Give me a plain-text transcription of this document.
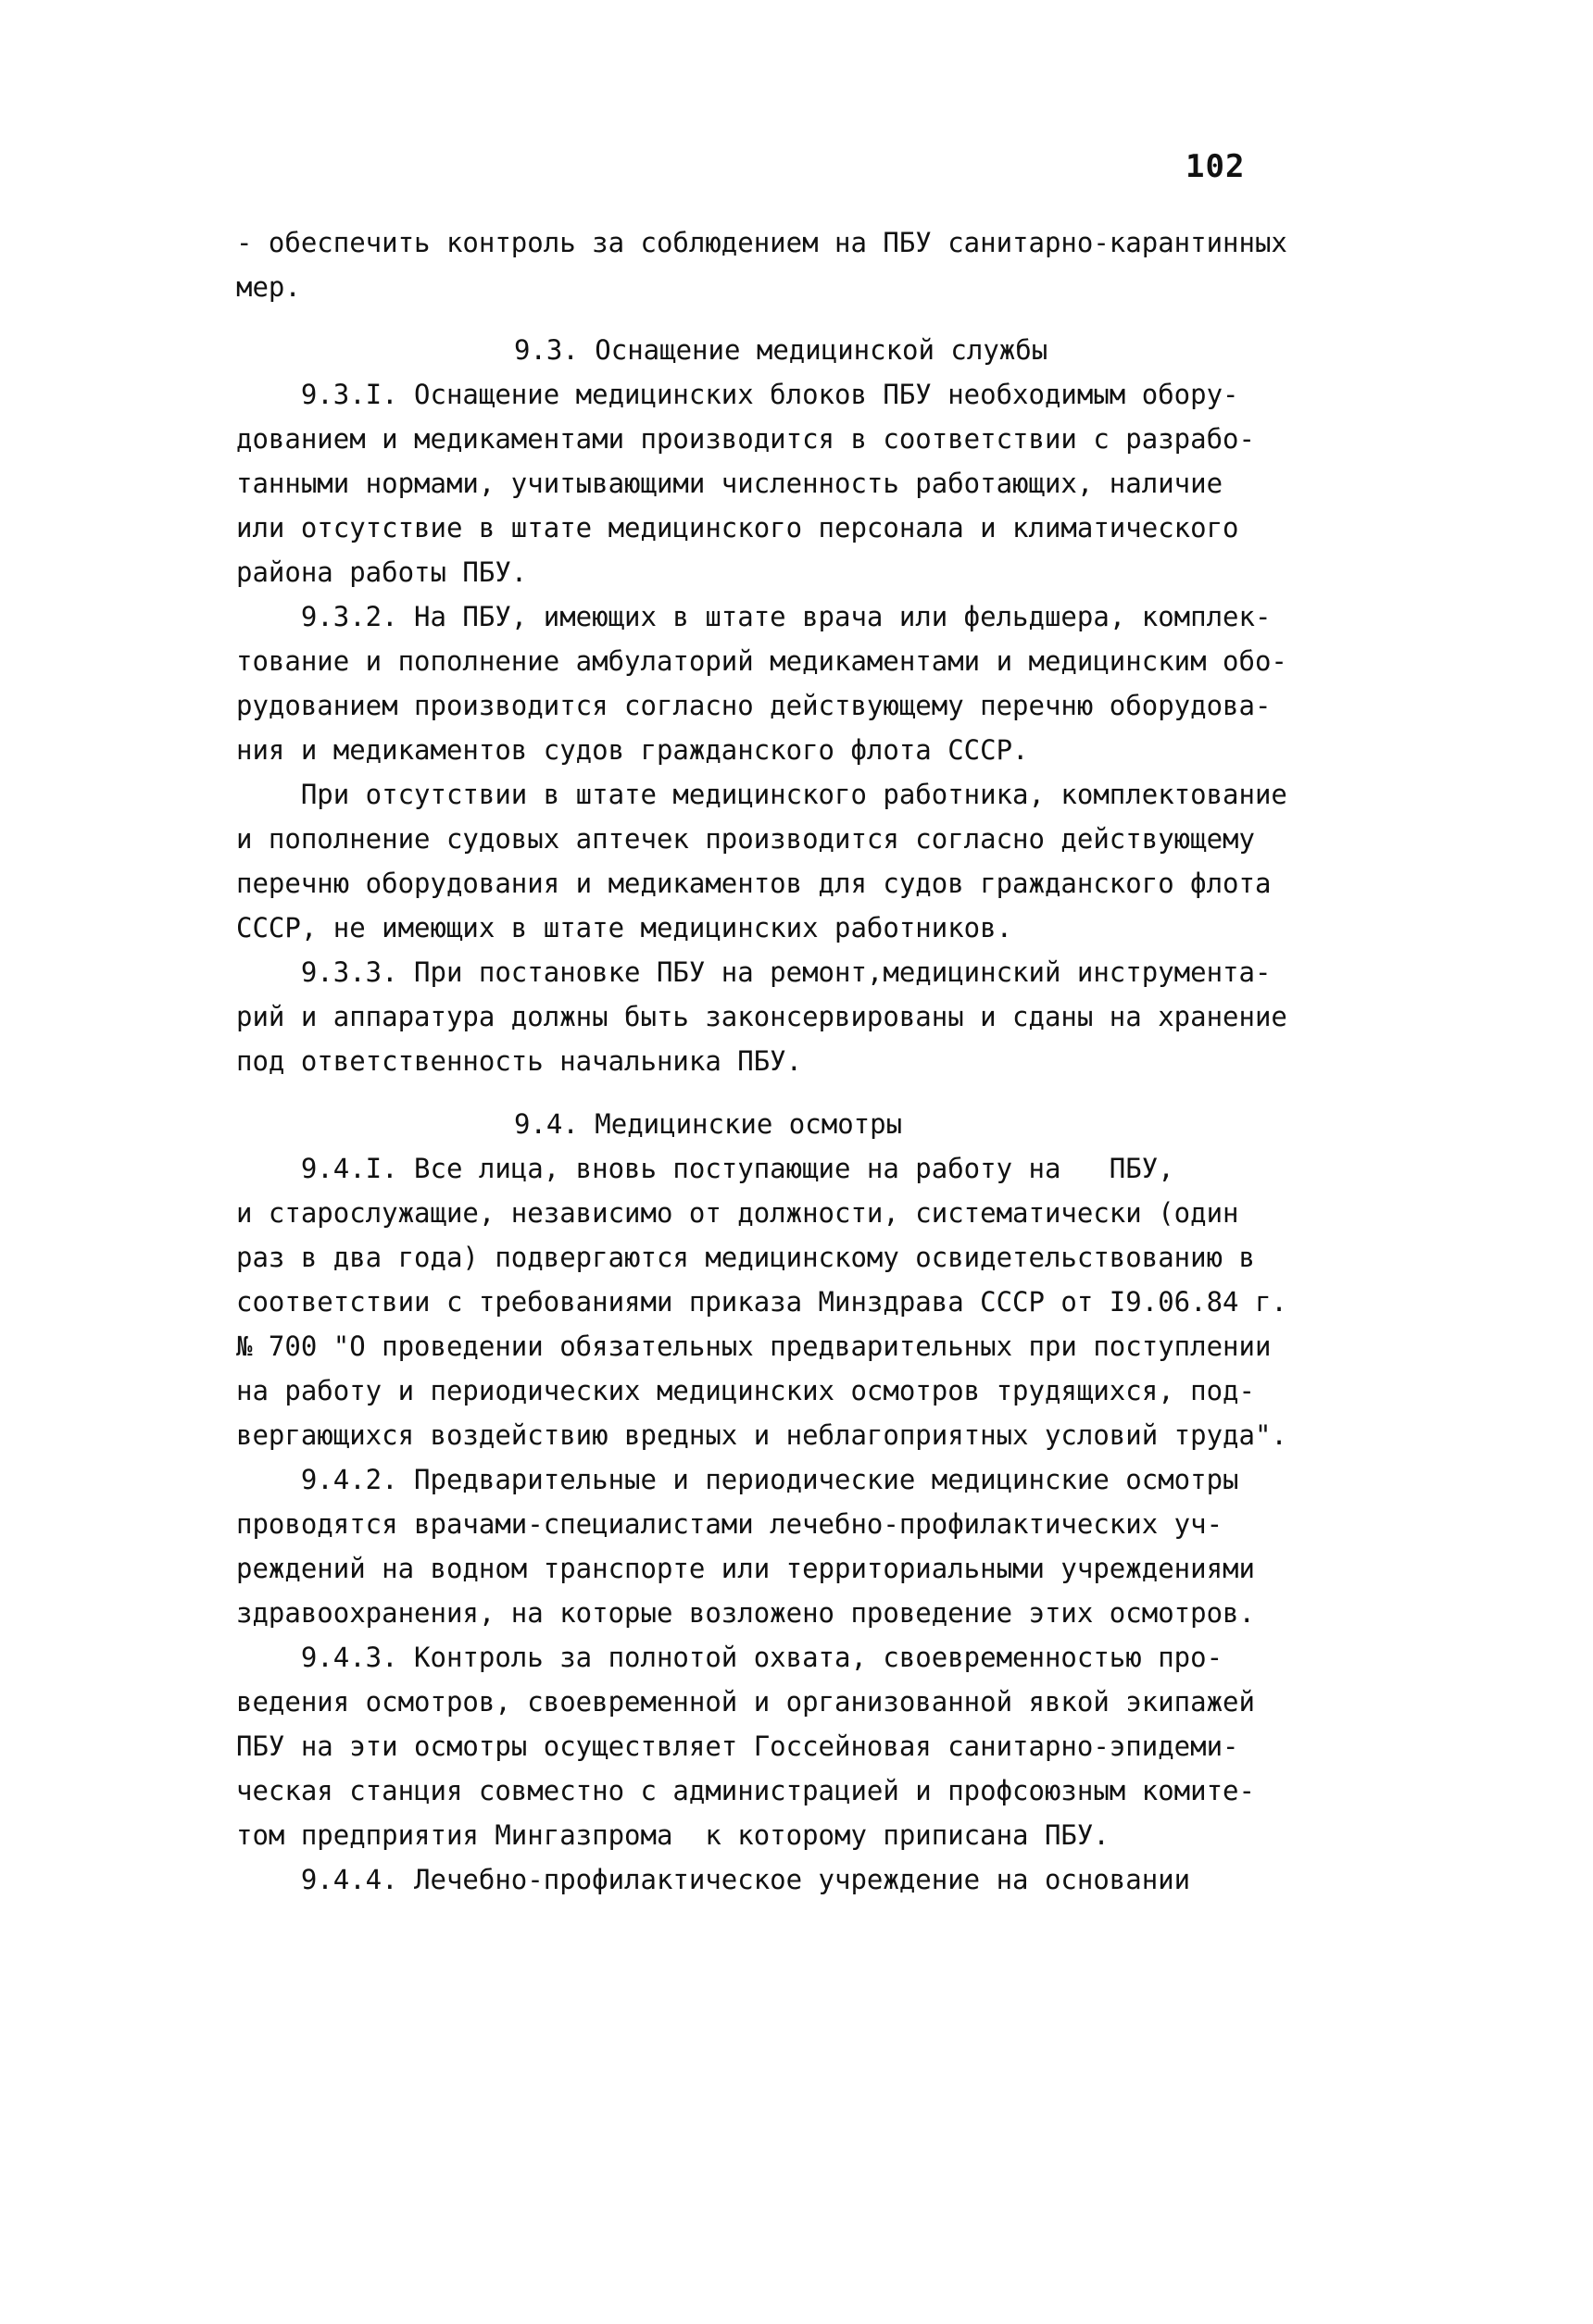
102
- обеспечить контроль за соблюдением на ПБУ санитарно-карантинных
мер.
9.3. Оснащение медицинской службы
9.3.I. Оснащение медицинских блоков ПБУ необходимым обору-
дованием и медикаментами производится в соответствии с разрабо-
танными нормами, учитывающими численность работающих, наличие
или отсутствие в штате медицинского персонала и климатического
района работы ПБУ.
9.3.2. На ПБУ, имеющих в штате врача или фельдшера, комплек-
тование и пополнение амбулаторий медикаментами и медицинским обо-
рудованием производится согласно действующему перечню оборудова-
ния и медикаментов судов гражданского флота СССР.
При отсутствии в штате медицинского работника, комплектование
и пополнение судовых аптечек производится согласно действующему
перечню оборудования и медикаментов для судов гражданского флота
СССР, не имеющих в штате медицинских работников.
9.3.3. При постановке ПБУ на ремонт,медицинский инструмента-
рий и аппаратура должны быть законсервированы и сданы на хранение
под ответственность начальника ПБУ.
9.4. Медицинские осмотры
9.4.I. Все лица, вновь поступающие на работу на   ПБУ,
и старослужащие, независимо от должности, систематически (один
раз в два года) подвергаются медицинскому освидетельствованию в
соответствии с требованиями приказа Минздрава СССР от I9.06.84 г.
№ 700 "О проведении обязательных предварительных при поступлении
на работу и периодических медицинских осмотров трудящихся, под-
вергающихся воздействию вредных и неблагоприятных условий труда".
9.4.2. Предварительные и периодические медицинские осмотры
проводятся врачами-специалистами лечебно-профилактических уч-
реждений на водном транспорте или территориальными учреждениями
здравоохранения, на которые возложено проведение этих осмотров.
9.4.3. Контроль за полнотой охвата, своевременностью про-
ведения осмотров, своевременной и организованной явкой экипажей
ПБУ на эти осмотры осуществляет Госсейновая санитарно-эпидеми-
ческая станция совместно с администрацией и профсоюзным комите-
том предприятия Мингазпрома  к которому приписана ПБУ.
9.4.4. Лечебно-профилактическое учреждение на основании
